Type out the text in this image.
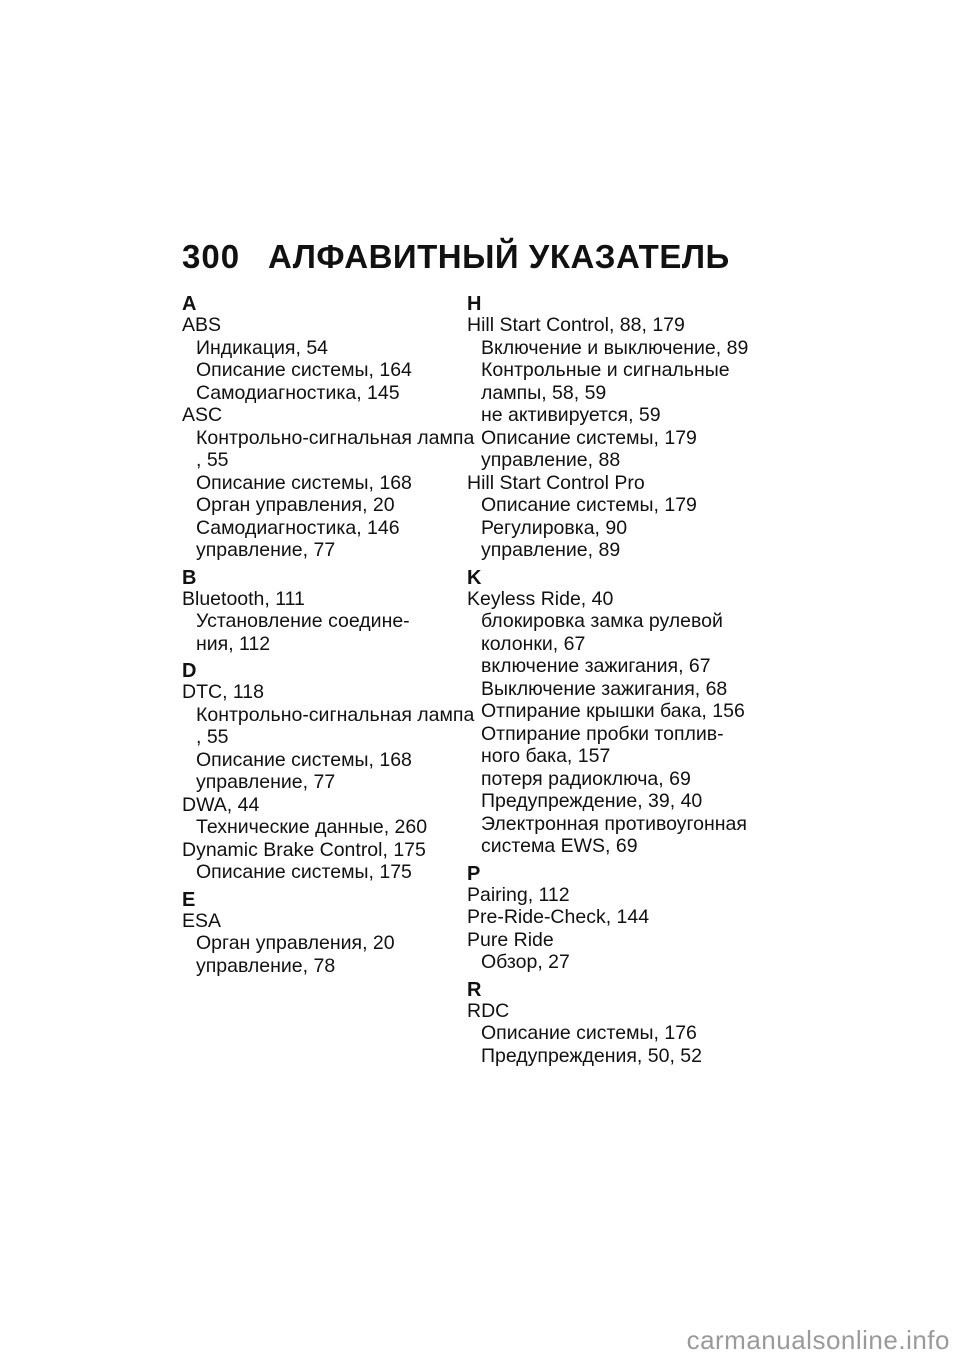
300 АЛФАВИТНЫЙ УКАЗАТЕЛЬ
A
ABS
Индикация, 54
Описание системы, 164
Самодиагностика, 145
ASC
Контрольно-сигнальная лампа
, 55
Описание системы, 168
Орган управления, 20
Самодиагностика, 146
управление, 77
B
Bluetooth, 111
Установление соедине-
ния, 112
D
DTC, 118
Контрольно-сигнальная лампа
, 55
Описание системы, 168
управление, 77
DWA, 44
Технические данные, 260
Dynamic Brake Control, 175
Описание системы, 175
E
ESA
Орган управления, 20
управление, 78
H
Hill Start Control, 88, 179
Включение и выключение, 89
Контрольные и сигнальные
лампы, 58, 59
не активируется, 59
Описание системы, 179
управление, 88
Hill Start Control Pro
Описание системы, 179
Регулировка, 90
управление, 89
K
Keyless Ride, 40
блокировка замка рулевой
колонки, 67
включение зажигания, 67
Выключение зажигания, 68
Отпирание крышки бака, 156
Отпирание пробки топлив-
ного бака, 157
потеря радиоключа, 69
Предупреждение, 39, 40
Электронная противоугонная
система EWS, 69
P
Pairing, 112
Pre-Ride-Check, 144
Pure Ride
Обзор, 27
R
RDC
Описание системы, 176
Предупреждения, 50, 52
carmanualsonline.info
